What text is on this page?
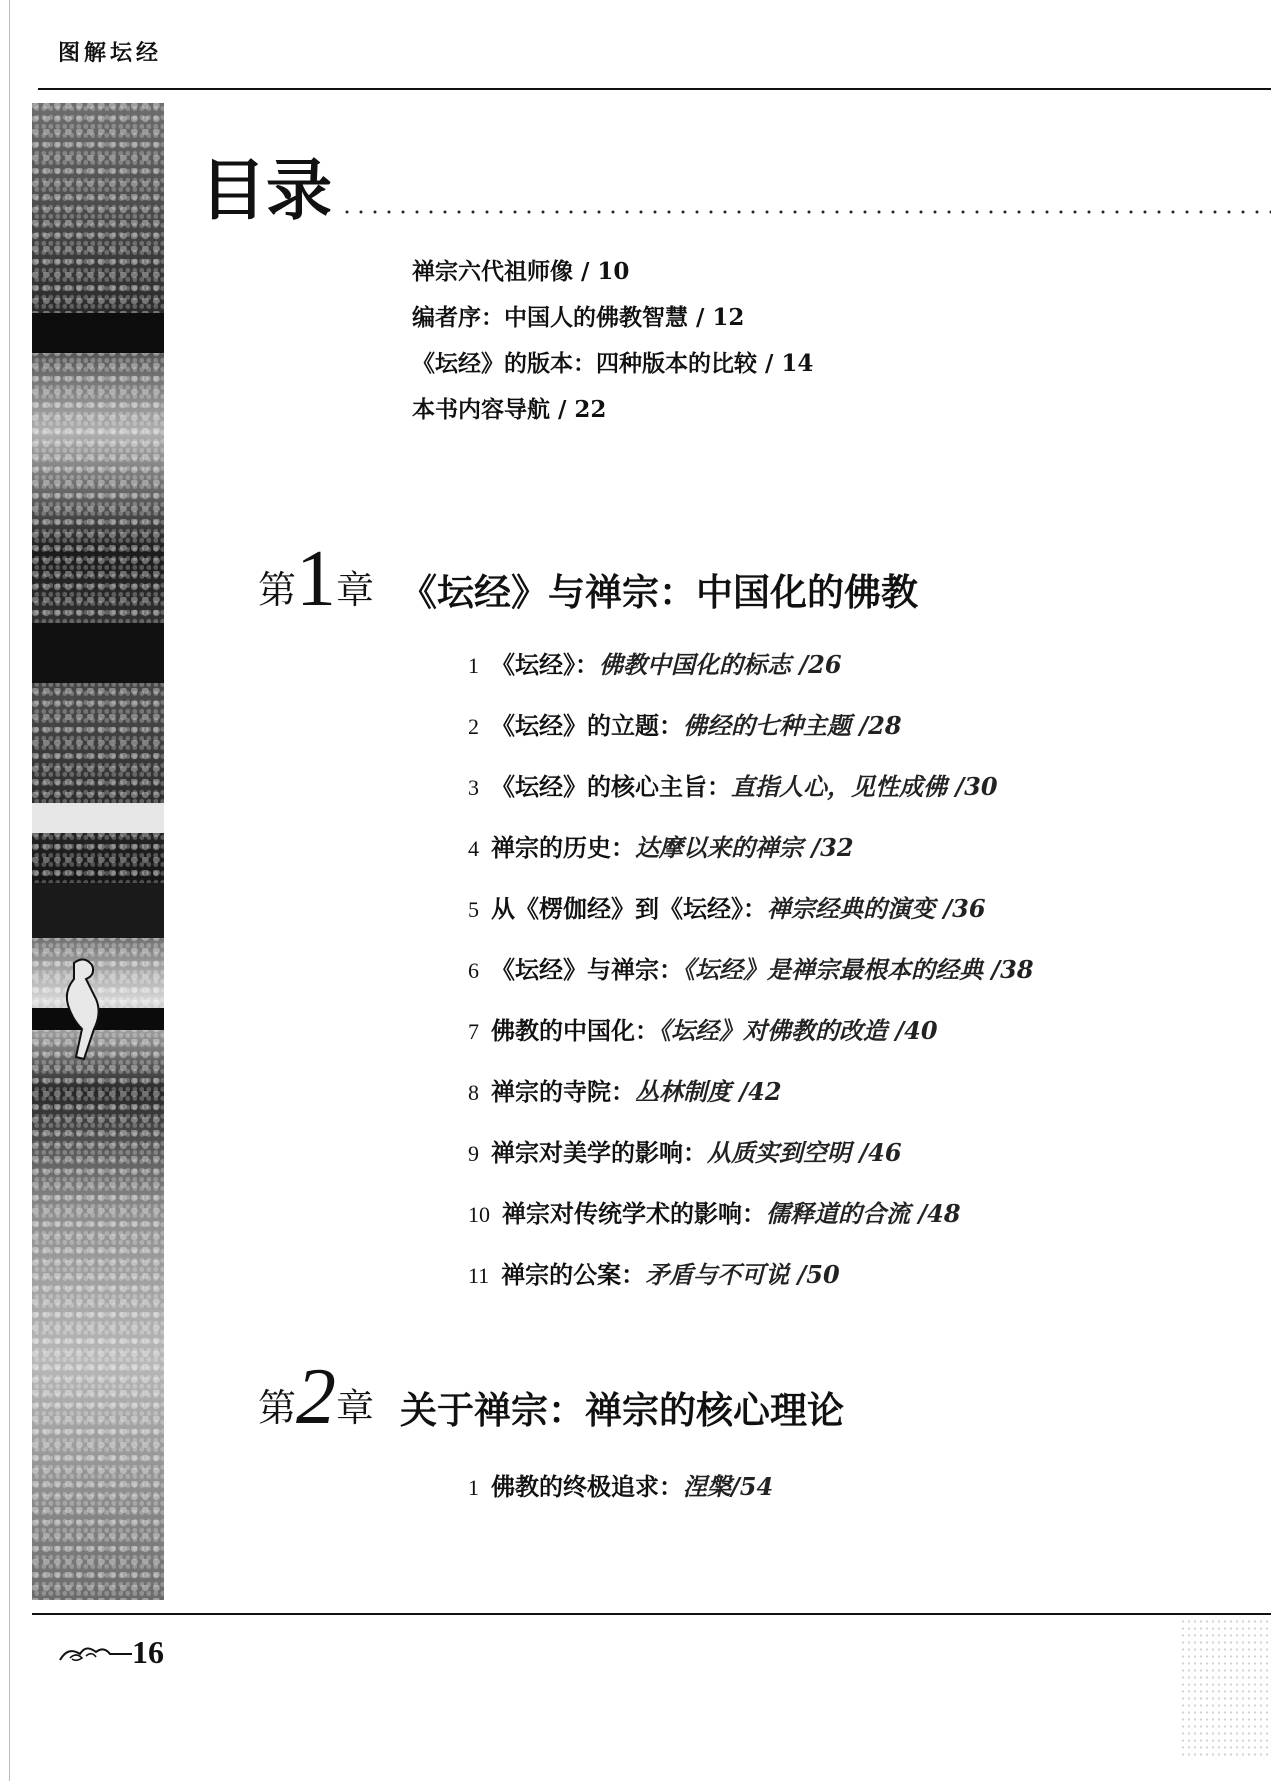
图解坛经
目录
禅宗六代祖师像 / 10
编者序：中国人的佛教智慧 / 12
《坛经》的版本：四种版本的比较 / 14
本书内容导航 / 22
第 1 章 《坛经》与禅宗：中国化的佛教
1 《坛经》：佛教中国化的标志 /26
2 《坛经》的立题：佛经的七种主题 /28
3 《坛经》的核心主旨：直指人心，见性成佛 /30
4 禅宗的历史：达摩以来的禅宗 /32
5 从《楞伽经》到《坛经》：禅宗经典的演变 /36
6 《坛经》与禅宗：《坛经》是禅宗最根本的经典 /38
7 佛教的中国化：《坛经》对佛教的改造 /40
8 禅宗的寺院：丛林制度 /42
9 禅宗对美学的影响：从质实到空明 /46
10 禅宗对传统学术的影响：儒释道的合流 /48
11 禅宗的公案：矛盾与不可说 /50
第 2 章 关于禅宗：禅宗的核心理论
1 佛教的终极追求：涅槃/54
16
